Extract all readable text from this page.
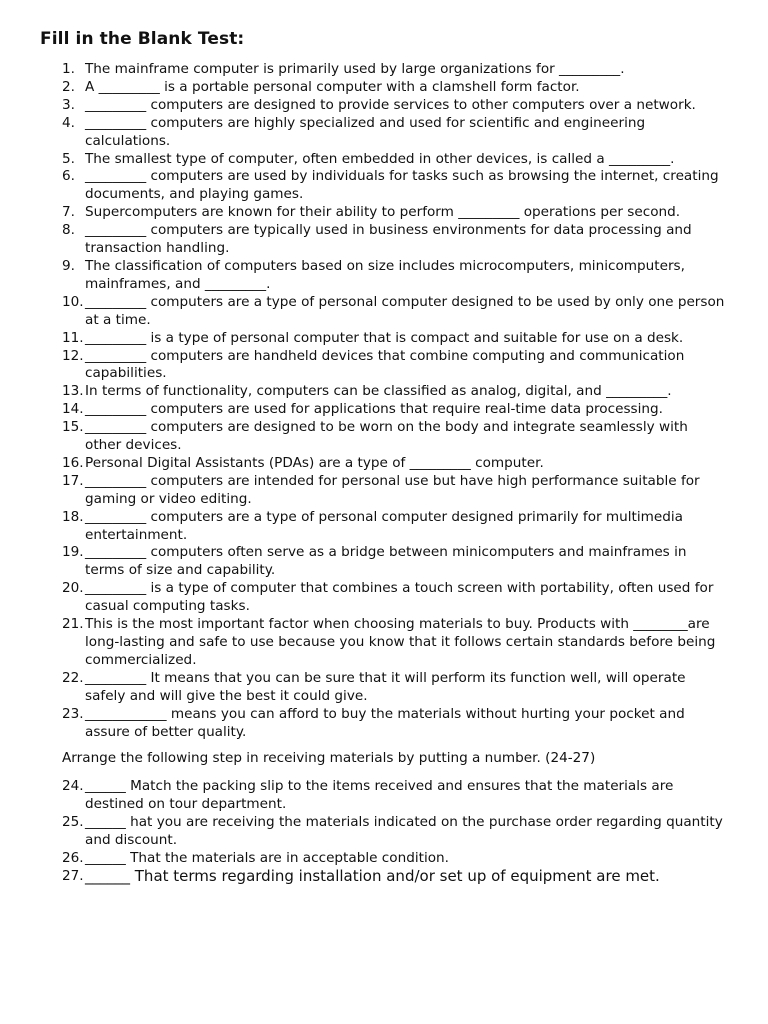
Fill in the Blank Test:
1. The mainframe computer is primarily used by large organizations for _________.
2. A _________ is a portable personal computer with a clamshell form factor.
3. _________ computers are designed to provide services to other computers over a network.
4. _________ computers are highly specialized and used for scientific and engineering calculations.
5. The smallest type of computer, often embedded in other devices, is called a _________.
6. _________ computers are used by individuals for tasks such as browsing the internet, creating documents, and playing games.
7. Supercomputers are known for their ability to perform _________ operations per second.
8. _________ computers are typically used in business environments for data processing and transaction handling.
9. The classification of computers based on size includes microcomputers, minicomputers, mainframes, and _________.
10. _________ computers are a type of personal computer designed to be used by only one person at a time.
11. _________ is a type of personal computer that is compact and suitable for use on a desk.
12. _________ computers are handheld devices that combine computing and communication capabilities.
13. In terms of functionality, computers can be classified as analog, digital, and _________.
14. _________ computers are used for applications that require real-time data processing.
15. _________ computers are designed to be worn on the body and integrate seamlessly with other devices.
16. Personal Digital Assistants (PDAs) are a type of _________ computer.
17. _________ computers are intended for personal use but have high performance suitable for gaming or video editing.
18. _________ computers are a type of personal computer designed primarily for multimedia entertainment.
19. _________ computers often serve as a bridge between minicomputers and mainframes in terms of size and capability.
20. _________ is a type of computer that combines a touch screen with portability, often used for casual computing tasks.
21. This is the most important factor when choosing materials to buy. Products with ________are long-lasting and safe to use because you know that it follows certain standards before being commercialized.
22. _________ It means that you can be sure that it will perform its function well, will operate safely and will give the best it could give.
23. ____________ means you can afford to buy the materials without hurting your pocket and assure of better quality.
Arrange the following step in receiving materials by putting a number. (24-27)
24. ______ Match the packing slip to the items received and ensures that the materials are destined on tour department.
25. ______ hat you are receiving the materials indicated on the purchase order regarding quantity and discount.
26. ______ That the materials are in acceptable condition.
27. ______ That terms regarding installation and/or set up of equipment are met.
